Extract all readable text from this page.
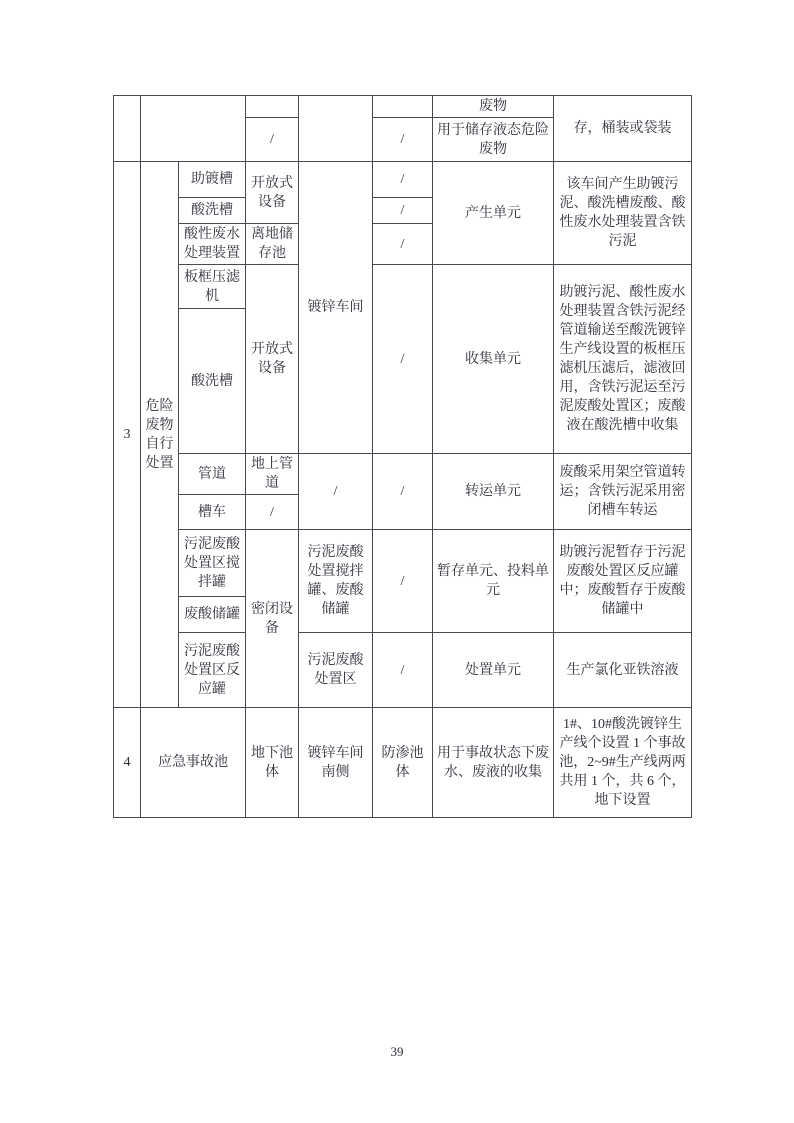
						废物	存，桶装或袋装
			/		/	用于储存液态危险废物	
3	危险废物自行处置	助镀槽	开放式设备	镀锌车间	/	产生单元	该车间产生助镀污泥、酸洗槽废酸、酸性废水处理装置含铁污泥
		酸洗槽			/		
		酸性废水处理装置	离地储存池		/		
		板框压滤机	开放式设备		/	收集单元	助镀污泥、酸性废水处理装置含铁污泥经管道输送至酸洗镀锌生产线设置的板框压滤机压滤后，滤液回用，含铁污泥运至污泥废酸处置区；废酸液在酸洗槽中收集
		酸洗槽					
		管道	地上管道	/	/	转运单元	废酸采用架空管道转运；含铁污泥采用密闭槽车转运
		槽车	/				
		污泥废酸处置区搅拌罐	密闭设备	污泥废酸处置搅拌罐、废酸储罐	/	暂存单元、投料单元	助镀污泥暂存于污泥废酸处置区反应罐中；废酸暂存于废酸储罐中
		废酸储罐					
		污泥废酸处置区反应罐		污泥废酸处置区	/	处置单元	生产氯化亚铁溶液
4	应急事故池		地下池体	镀锌车间南侧	防渗池体	用于事故状态下废水、废液的收集	1#、10#酸洗镀锌生产线个设置 1 个事故池，2~9#生产线两两共用 1 个，共 6 个，地下设置
39
